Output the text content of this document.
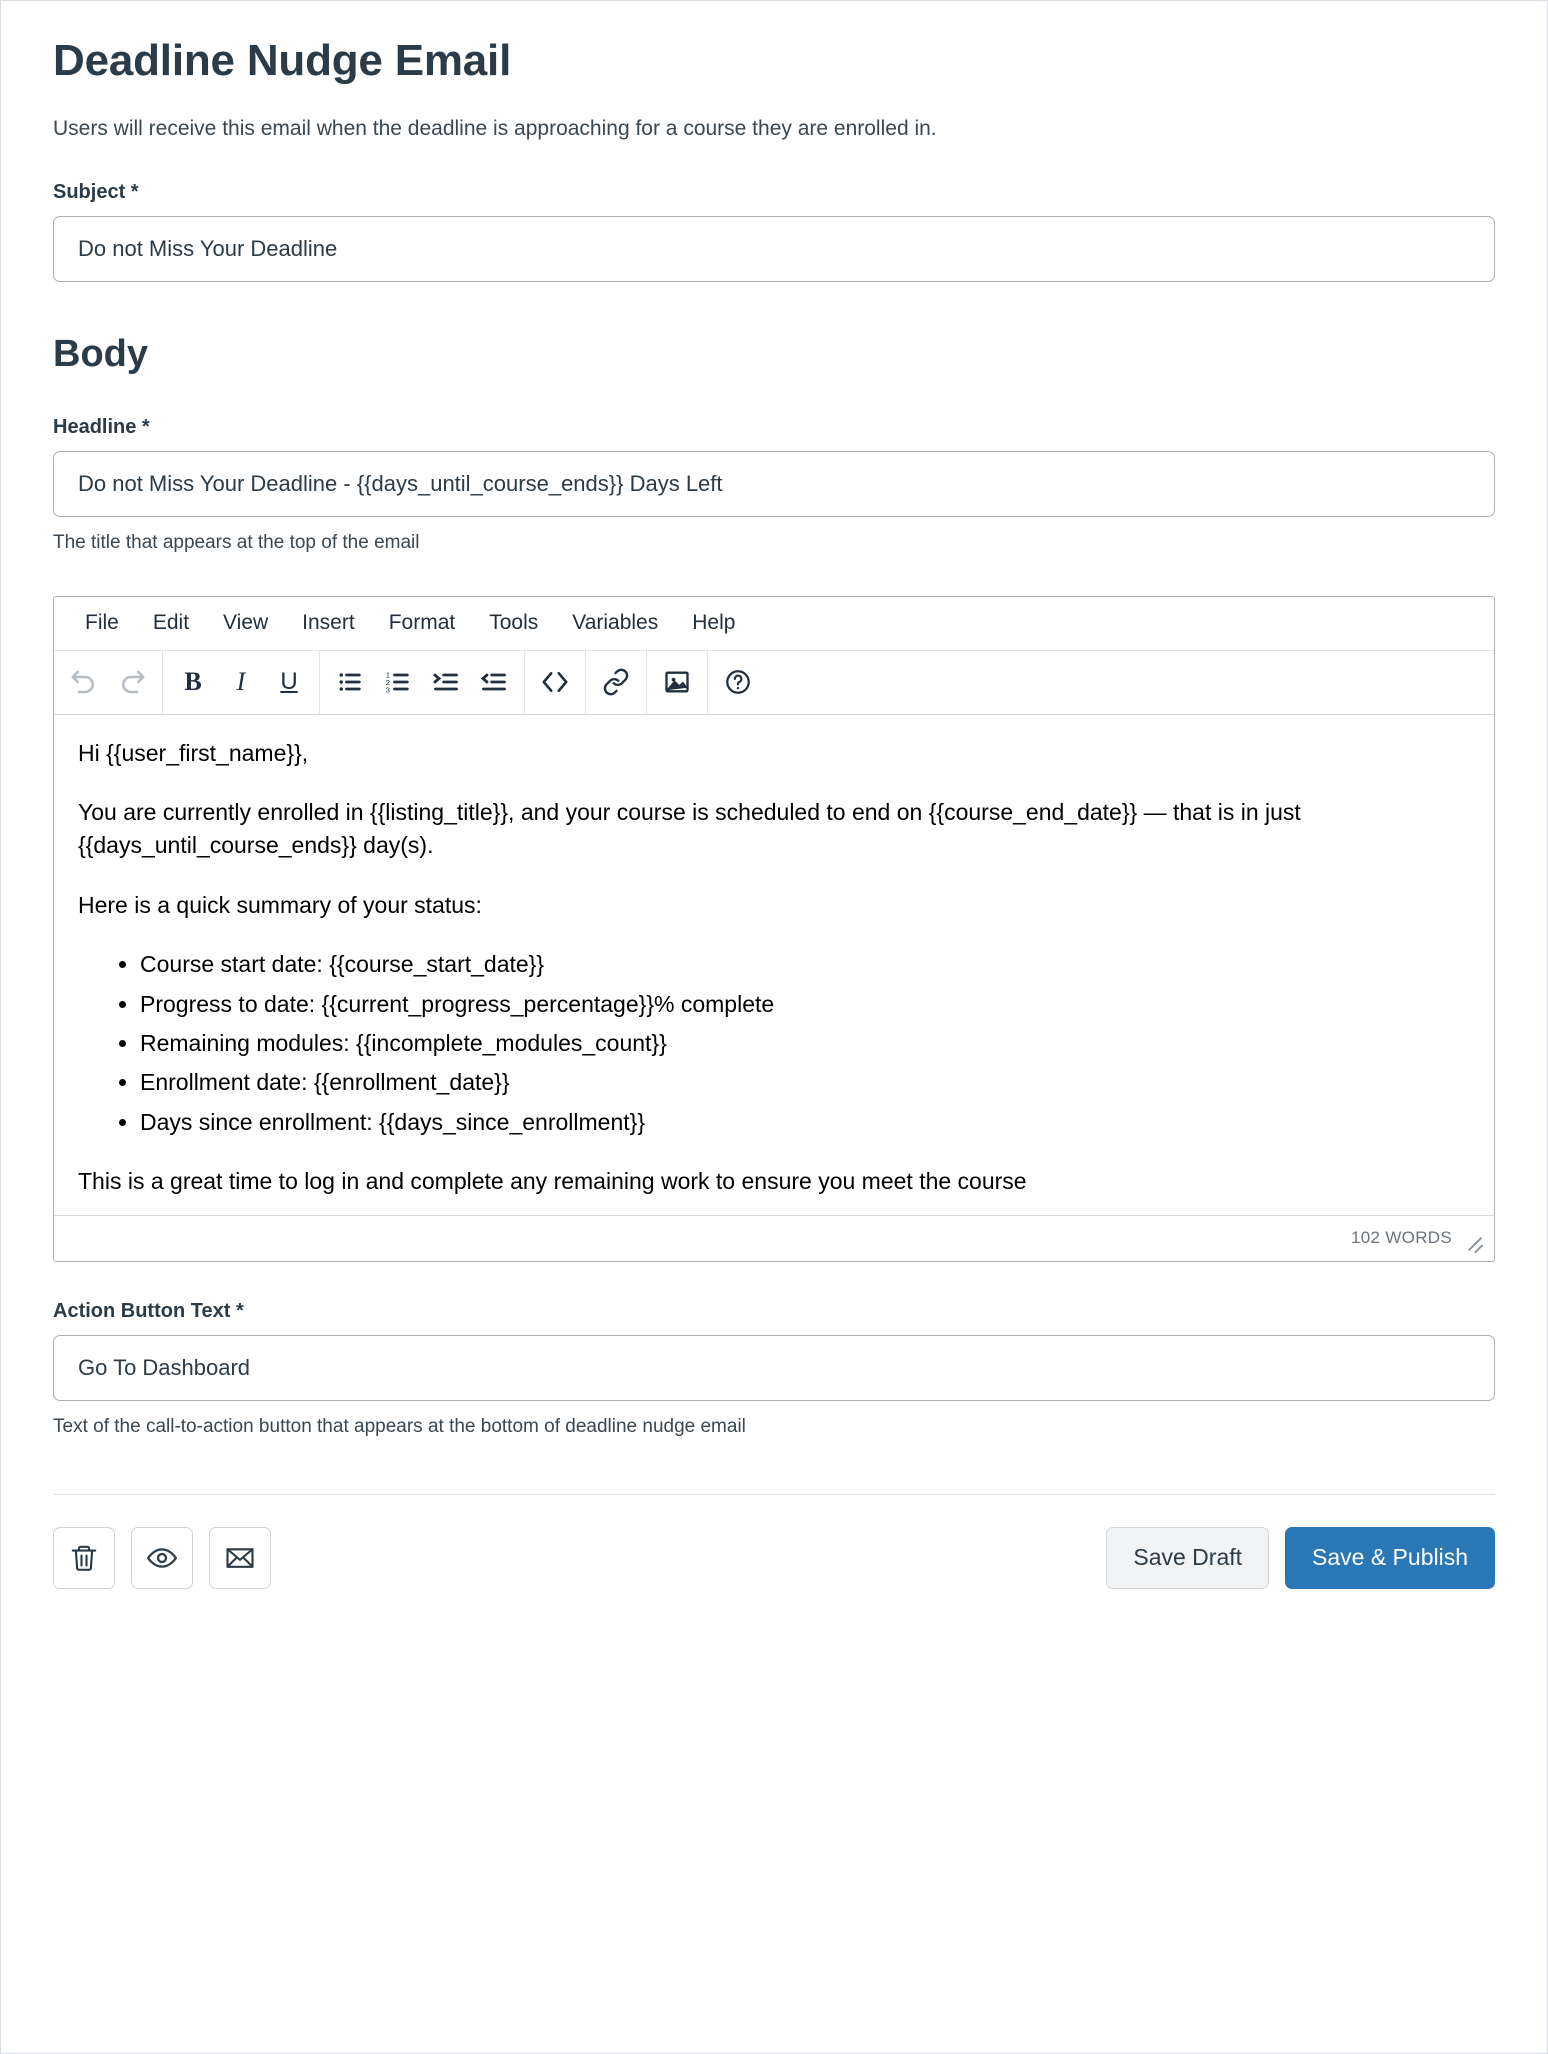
Deadline Nudge Email

Users will receive this email when the deadline is approaching for a course they are enrolled in.

Subject *
Do not Miss Your Deadline
Body
Headline *
Do not Miss Your Deadline - {{days_until_course_ends}} Days Left
The title that appears at the top of the email
File	Edit	View	Insert	Format	Tools	Variables	Help
B I U	1
2
3

Hi {{user_first_name}},

You are currently enrolled in {{listing_title}}, and your course is scheduled to end on {{course_end_date}} — that is in just {{days_until_course_ends}} day(s).

Here is a quick summary of your status:

• Course start date: {{course_start_date}}
• Progress to date: {{current_progress_percentage}}% complete
• Remaining modules: {{incomplete_modules_count}}
• Enrollment date: {{enrollment_date}}
• Days since enrollment: {{days_since_enrollment}}

This is a great time to log in and complete any remaining work to ensure you meet the course

102 WORDS
Action Button Text *
Go To Dashboard
Text of the call-to-action button that appears at the bottom of deadline nudge email
Save Draft	Save & Publish
